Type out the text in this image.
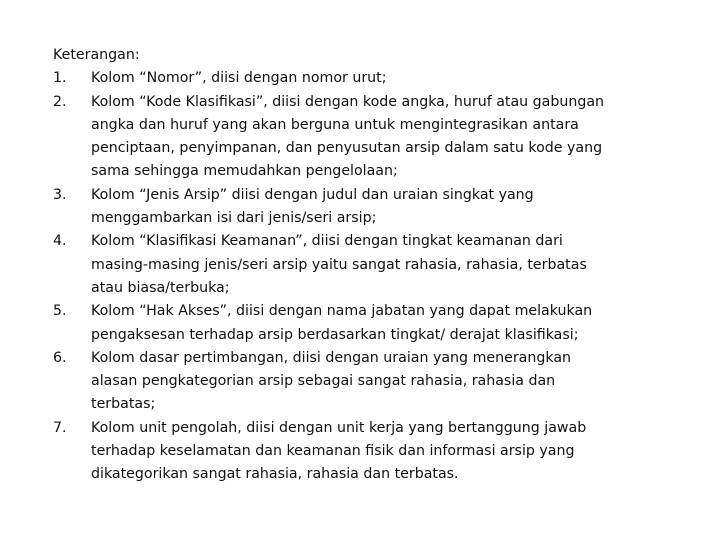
Keterangan:

1.	Kolom “Nomor”, diisi dengan nomor urut;
2.	Kolom “Kode Klasifikasi”, diisi dengan kode angka, huruf atau gabungan
angka dan huruf yang akan berguna untuk mengintegrasikan antara
penciptaan, penyimpanan, dan penyusutan arsip dalam satu kode yang
sama sehingga memudahkan pengelolaan;
3.	Kolom “Jenis Arsip” diisi dengan judul dan uraian singkat yang
menggambarkan isi dari jenis/seri arsip;
4.	Kolom “Klasifikasi Keamanan”, diisi dengan tingkat keamanan dari
masing-masing jenis/seri arsip yaitu sangat rahasia, rahasia, terbatas
atau biasa/terbuka;
5.	Kolom “Hak Akses”, diisi dengan nama jabatan yang dapat melakukan
pengaksesan terhadap arsip berdasarkan tingkat/ derajat klasifikasi;
6.	Kolom dasar pertimbangan, diisi dengan uraian yang menerangkan
alasan pengkategorian arsip sebagai sangat rahasia, rahasia dan
terbatas;
7.	Kolom unit pengolah, diisi dengan unit kerja yang bertanggung jawab
terhadap keselamatan dan keamanan fisik dan informasi arsip yang
dikategorikan sangat rahasia, rahasia dan terbatas.
